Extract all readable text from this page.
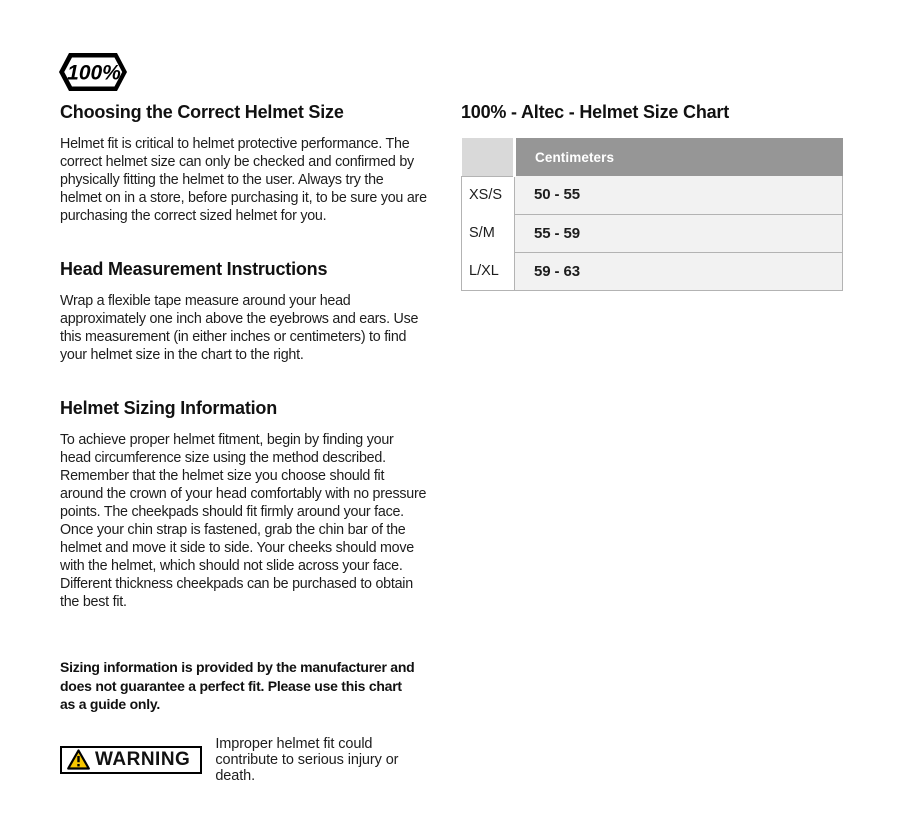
100%
Choosing the Correct Helmet Size

Helmet fit is critical to helmet protective performance. The correct helmet size can only be checked and confirmed by physically fitting the helmet to the user. Always try the helmet on in a store, before purchasing it, to be sure you are purchasing the correct sized helmet for you.

Head Measurement Instructions

Wrap a flexible tape measure around your head approximately one inch above the eyebrows and ears. Use this measurement (in either inches or centimeters) to find your helmet size in the chart to the right.

Helmet Sizing Information

To achieve proper helmet fitment, begin by finding your head circumference size using the method described. Remember that the helmet size you choose should fit around the crown of your head comfortably with no pressure points. The cheekpads should fit firmly around your face. Once your chin strap is fastened, grab the chin bar of the helmet and move it side to side. Your cheeks should move with the helmet, which should not slide across your face. Different thickness cheekpads can be purchased to obtain the best fit.

Sizing information is provided by the manufacturer and does not guarantee a perfect fit. Please use this chart as a guide only.

WARNING
Improper helmet fit could contribute to serious injury or death.
100% - Altec - Helmet Size Chart
	Centimeters
XS/S	50 - 55
S/M	55 - 59
L/XL	59 - 63
